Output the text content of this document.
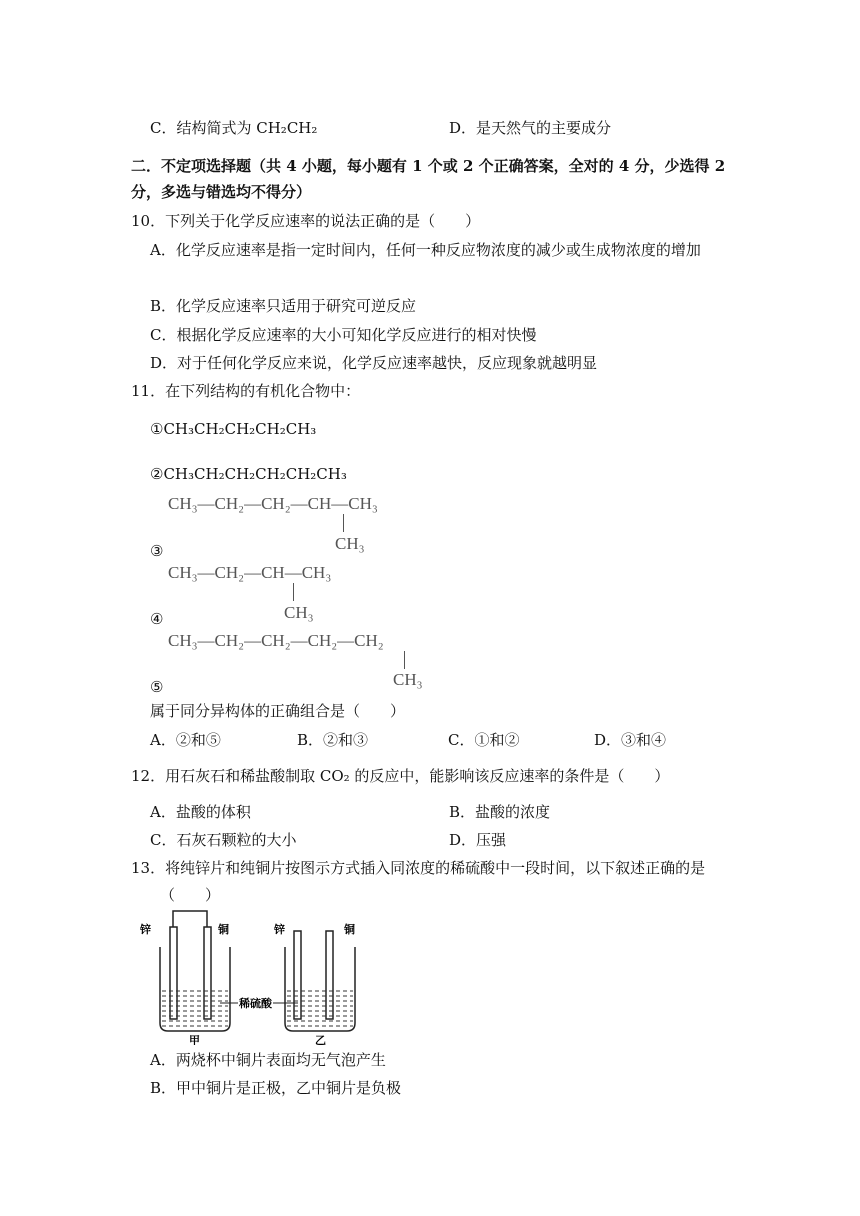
C．结构简式为 CH₂CH₂	D．是天然气的主要成分
二．不定项选择题（共 4 小题，每小题有 1 个或 2 个正确答案，全对的 4 分，少选得 2
分，多选与错选均不得分）
10．下列关于化学反应速率的说法正确的是（　　）
A．化学反应速率是指一定时间内，任何一种反应物浓度的减少或生成物浓度的增加
B．化学反应速率只适用于研究可逆反应
C．根据化学反应速率的大小可知化学反应进行的相对快慢
D．对于任何化学反应来说，化学反应速率越快，反应现象就越明显
11．在下列结构的有机化合物中：
①CH₃CH₂CH₂CH₂CH₃
②CH₃CH₂CH₂CH₂CH₂CH₃
CH₃—CH₂—CH₂—CH—CH₃
CH₃
③
CH₃—CH₂—CH—CH₃
CH₃
④
CH₃—CH₂—CH₂—CH₂—CH₂
CH₃
⑤
属于同分异构体的正确组合是（　　）
A．②和⑤	B．②和③	C．①和②	D．③和④
12．用石灰石和稀盐酸制取 CO₂ 的反应中，能影响该反应速率的条件是（　　）
A．盐酸的体积	B．盐酸的浓度
C．石灰石颗粒的大小	D．压强
13．将纯锌片和纯铜片按图示方式插入同浓度的稀硫酸中一段时间，以下叙述正确的是
（　　）
锌	铜	锌	铜
稀硫酸
甲	乙
A．两烧杯中铜片表面均无气泡产生
B．甲中铜片是正极，乙中铜片是负极
